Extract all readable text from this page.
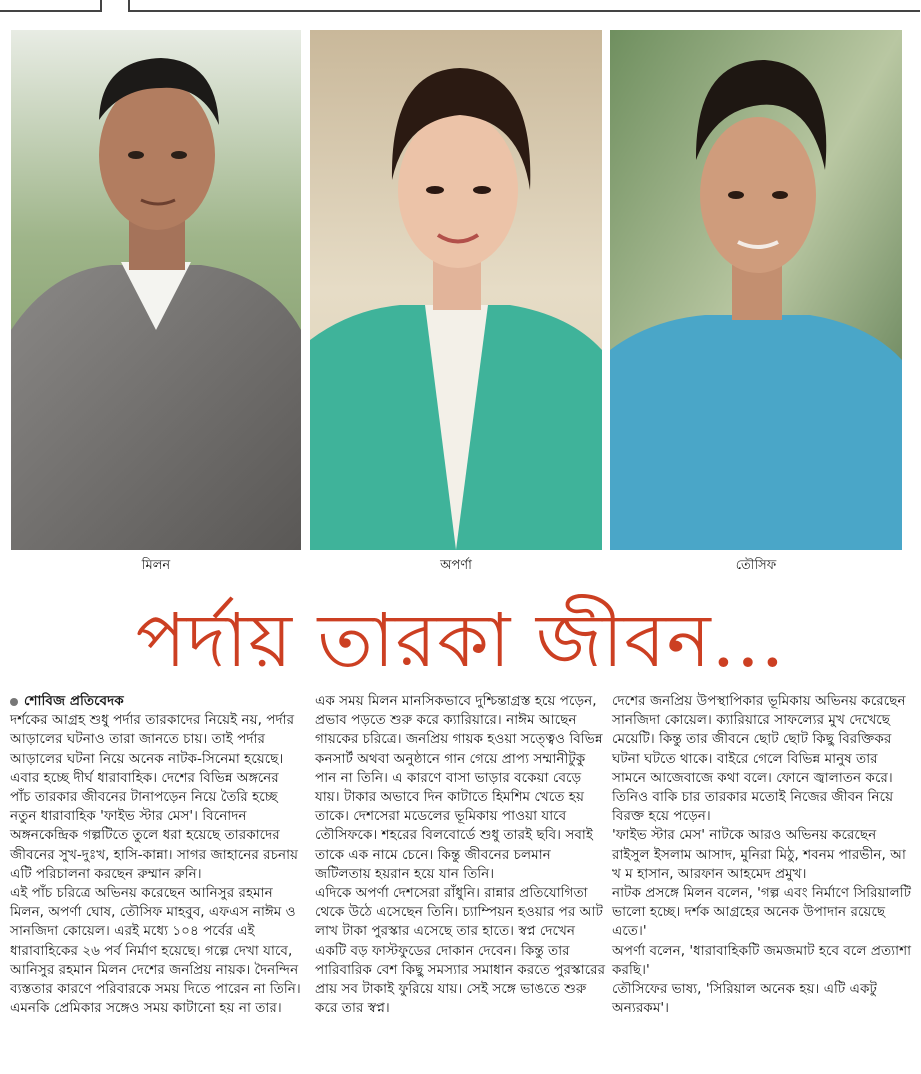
মিলন	অপর্ণা	তৌসিফ
পর্দায় তারকা জীবন...

শোবিজ প্রতিবেদক

দর্শকের আগ্রহ শুধু পর্দার তারকাদের নিয়েই নয়, পর্দার আড়ালের ঘটনাও তারা জানতে চায়। তাই পর্দার আড়ালের ঘটনা নিয়ে অনেক নাটক-সিনেমা হয়েছে। এবার হচ্ছে দীর্ঘ ধারাবাহিক। দেশের বিভিন্ন অঙ্গনের পাঁচ তারকার জীবনের টানাপড়েন নিয়ে তৈরি হচ্ছে নতুন ধারাবাহিক 'ফাইভ স্টার মেস'। বিনোদন অঙ্গনকেন্দ্রিক গল্পটিতে তুলে ধরা হয়েছে তারকাদের জীবনের সুখ-দুঃখ, হাসি-কান্না। সাগর জাহানের রচনায় এটি পরিচালনা করছেন রুম্মান রুনি।

এই পাঁচ চরিত্রে অভিনয় করেছেন আনিসুর রহমান মিলন, অপর্ণা ঘোষ, তৌসিফ মাহবুব, এফএস নাঈম ও সানজিদা কোয়েল। এরই মধ্যে ১০৪ পর্বের এই ধারাবাহিকের ২৬ পর্ব নির্মাণ হয়েছে। গল্পে দেখা যাবে, আনিসুর রহমান মিলন দেশের জনপ্রিয় নায়ক। দৈনন্দিন ব্যস্ততার কারণে পরিবারকে সময় দিতে পারেন না তিনি। এমনকি প্রেমিকার সঙ্গেও সময় কাটানো হয় না তার।

এক সময় মিলন মানসিকভাবে দুশ্চিন্তাগ্রস্ত হয়ে পড়েন, প্রভাব পড়তে শুরু করে ক্যারিয়ারে। নাঈম আছেন গায়কের চরিত্রে। জনপ্রিয় গায়ক হওয়া সত্ত্বেও বিভিন্ন কনসার্ট অথবা অনুষ্ঠানে গান গেয়ে প্রাপ্য সম্মানীটুকু পান না তিনি। এ কারণে বাসা ভাড়ার বকেয়া বেড়ে যায়। টাকার অভাবে দিন কাটাতে হিমশিম খেতে হয় তাকে। দেশসেরা মডেলের ভূমিকায় পাওয়া যাবে তৌসিফকে। শহরের বিলবোর্ডে শুধু তারই ছবি। সবাই তাকে এক নামে চেনে। কিন্তু জীবনের চলমান জটিলতায় হয়রান হয়ে যান তিনি।

এদিকে অপর্ণা দেশসেরা রাঁধুনি। রান্নার প্রতিযোগিতা থেকে উঠে এসেছেন তিনি। চ্যাম্পিয়ন হওয়ার পর আট লাখ টাকা পুরস্কার এসেছে তার হাতে। স্বপ্ন দেখেন একটি বড় ফাস্টফুডের দোকান দেবেন। কিন্তু তার পারিবারিক বেশ কিছু সমস্যার সমাধান করতে পুরস্কারের প্রায় সব টাকাই ফুরিয়ে যায়। সেই সঙ্গে ভাঙতে শুরু করে তার স্বপ্ন।

দেশের জনপ্রিয় উপস্থাপিকার ভূমিকায় অভিনয় করেছেন সানজিদা কোয়েল। ক্যারিয়ারে সাফল্যের মুখ দেখেছে মেয়েটি। কিন্তু তার জীবনে ছোট ছোট কিছু বিরক্তিকর ঘটনা ঘটতে থাকে। বাইরে গেলে বিভিন্ন মানুষ তার সামনে আজেবাজে কথা বলে। ফোনে জ্বালাতন করে। তিনিও বাকি চার তারকার মতোই নিজের জীবন নিয়ে বিরক্ত হয়ে পড়েন।

'ফাইভ স্টার মেস' নাটকে আরও অভিনয় করেছেন রাইসুল ইসলাম আসাদ, মুনিরা মিঠু, শবনম পারভীন, আ খ ম হাসান, আরফান আহমেদ প্রমুখ।

নাটক প্রসঙ্গে মিলন বলেন, 'গল্প এবং নির্মাণে সিরিয়ালটি ভালো হচ্ছে। দর্শক আগ্রহের অনেক উপাদান রয়েছে এতে।'

অপর্ণা বলেন, 'ধারাবাহিকটি জমজমাট হবে বলে প্রত্যাশা করছি।'

তৌসিফের ভাষ্য, 'সিরিয়াল অনেক হয়। এটি একটু অন্যরকম'।
